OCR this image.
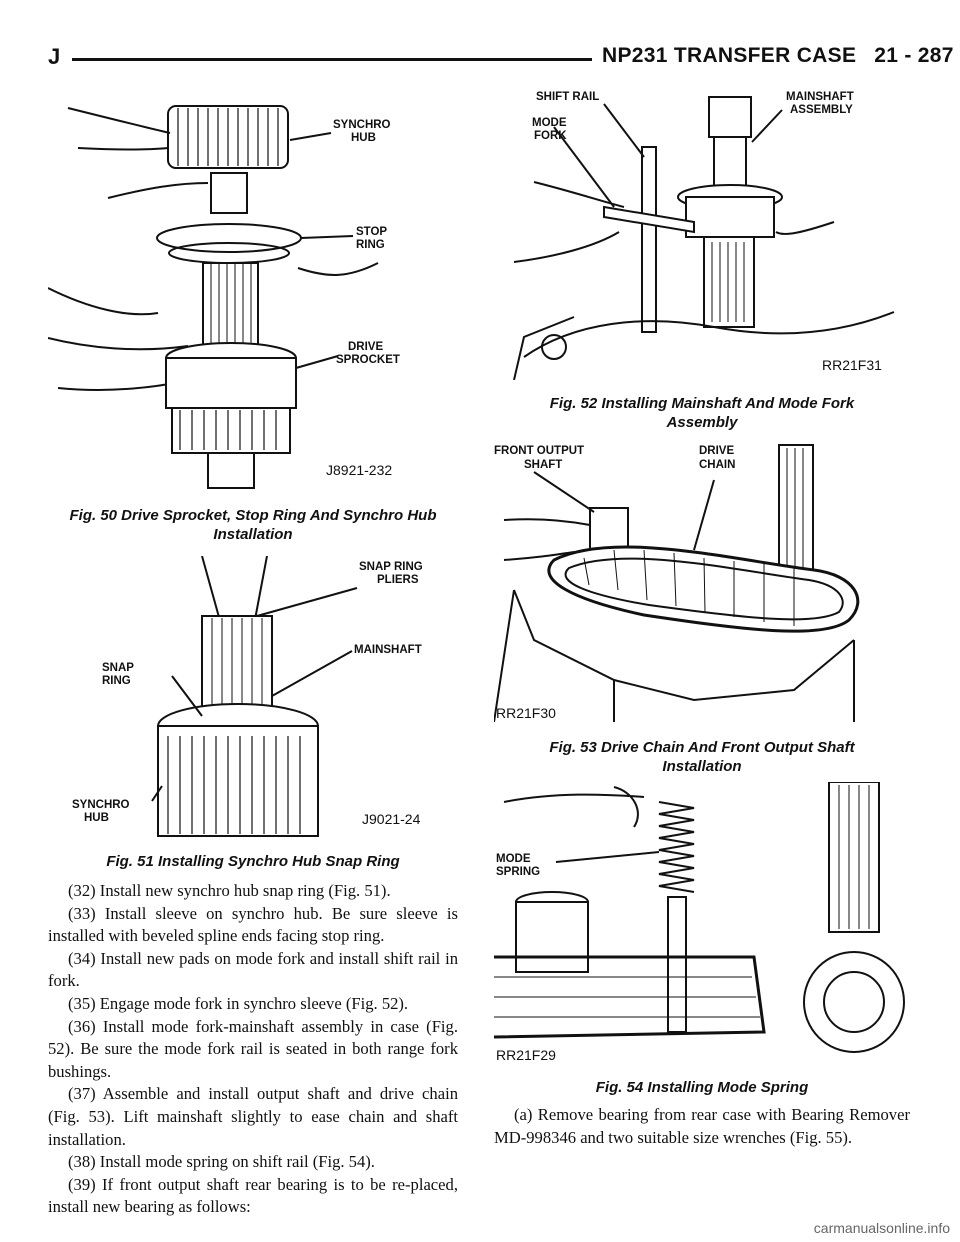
J	NP231 TRANSFER CASE 21 - 287
SYNCHRO
HUB
STOP
RING
DRIVE
SPROCKET
J8921-232
Fig. 50 Drive Sprocket, Stop Ring And Synchro Hub
Installation
SNAP RING
PLIERS
SNAP
RING
MAINSHAFT
SYNCHRO
HUB	J9021-24
Fig. 51 Installing Synchro Hub Snap Ring

(32) Install new synchro hub snap ring (Fig. 51).

(33) Install sleeve on synchro hub. Be sure sleeve is installed with beveled spline ends facing stop ring.

(34) Install new pads on mode fork and install shift rail in fork.

(35) Engage mode fork in synchro sleeve (Fig. 52).

(36) Install mode fork-mainshaft assembly in case (Fig. 52). Be sure the mode fork rail is seated in both range fork bushings.

(37) Assemble and install output shaft and drive chain (Fig. 53). Lift mainshaft slightly to ease chain and shaft installation.

(38) Install mode spring on shift rail (Fig. 54).

(39) If front output shaft rear bearing is to be re-placed, install new bearing as follows:

SHIFT RAIL
MODE
FORK
MAINSHAFT
ASSEMBLY
RR21F31
Fig. 52 Installing Mainshaft And Mode Fork
Assembly
FRONT OUTPUT
SHAFT
DRIVE
CHAIN
RR21F30
Fig. 53 Drive Chain And Front Output Shaft
Installation
MODE
SPRING
RR21F29
Fig. 54 Installing Mode Spring

(a) Remove bearing from rear case with Bearing Remover MD-998346 and two suitable size wrenches (Fig. 55).

carmanualsonline.info
